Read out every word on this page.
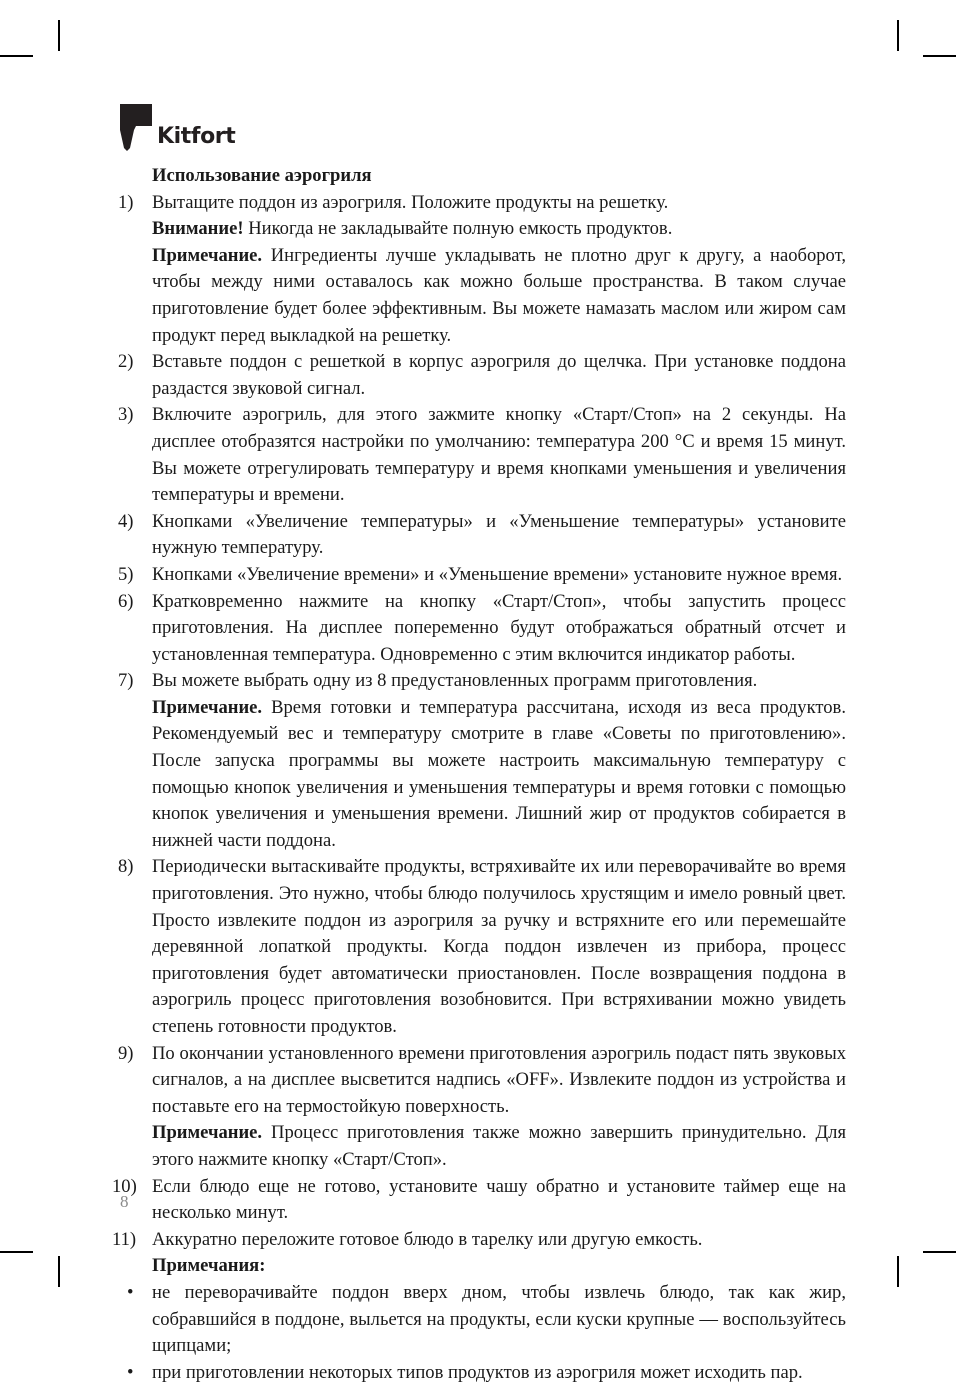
Kitfort
Использование аэрогриля
1) Вытащите поддон из аэрогриля. Положите продукты на решетку.

Внимание! Никогда не закладывайте полную емкость продуктов.

Примечание. Ингредиенты лучше укладывать не плотно друг к другу, а наоборот, чтобы между ними оставалось как можно больше пространства. В таком случае приготовление будет более эффективным. Вы можете намазать маслом или жиром сам продукт перед выкладкой на решетку.

2) Вставьте поддон с решеткой в корпус аэрогриля до щелчка. При установке поддона раздастся звуковой сигнал.

3) Включите аэрогриль, для этого зажмите кнопку «Старт/Стоп» на 2 секунды. На дисплее отобразятся настройки по умолчанию: температура 200 °C и время 15 минут. Вы можете отрегулировать температуру и время кнопками уменьшения и увеличения температуры и времени.

4) Кнопками «Увеличение температуры» и «Уменьшение температуры» установите нужную температуру.

5) Кнопками «Увеличение времени» и «Уменьшение времени» установите нужное время.

6) Кратковременно нажмите на кнопку «Старт/Стоп», чтобы запустить процесс приготовления. На дисплее попеременно будут отображаться обратный отсчет и установленная температура. Одновременно с этим включится индикатор работы.

7) Вы можете выбрать одну из 8 предустановленных программ приготовления.

Примечание. Время готовки и температура рассчитана, исходя из веса продуктов. Рекомендуемый вес и температуру смотрите в главе «Советы по приготовлению». После запуска программы вы можете настроить максимальную температуру с помощью кнопок увеличения и уменьшения температуры и время готовки с помощью кнопок увеличения и уменьшения времени. Лишний жир от продуктов собирается в нижней части поддона.

8) Периодически вытаскивайте продукты, встряхивайте их или переворачивайте во время приготовления. Это нужно, чтобы блюдо получилось хрустящим и имело ровный цвет. Просто извлеките поддон из аэрогриля за ручку и встряхните его или перемешайте деревянной лопаткой продукты. Когда поддон извлечен из прибора, процесс приготовления будет автоматически приостановлен. После возвращения поддона в аэрогриль процесс приготовления возобновится. При встряхивании можно увидеть степень готовности продуктов.

9) По окончании установленного времени приготовления аэрогриль подаст пять звуковых сигналов, а на дисплее высветится надпись «OFF». Извлеките поддон из устройства и поставьте его на термостойкую поверхность.

Примечание. Процесс приготовления также можно завершить принудительно. Для этого нажмите кнопку «Старт/Стоп».

10) Если блюдо еще не готово, установите чашу обратно и установите таймер еще на несколько минут.

11) Аккуратно переложите готовое блюдо в тарелку или другую емкость.

Примечания:
• не переворачивайте поддон вверх дном, чтобы извлечь блюдо, так как жир, собравшийся в поддоне, выльется на продукты, если куски крупные — воспользуйтесь щипцами;

• при приготовлении некоторых типов продуктов из аэрогриля может исходить пар.

8
